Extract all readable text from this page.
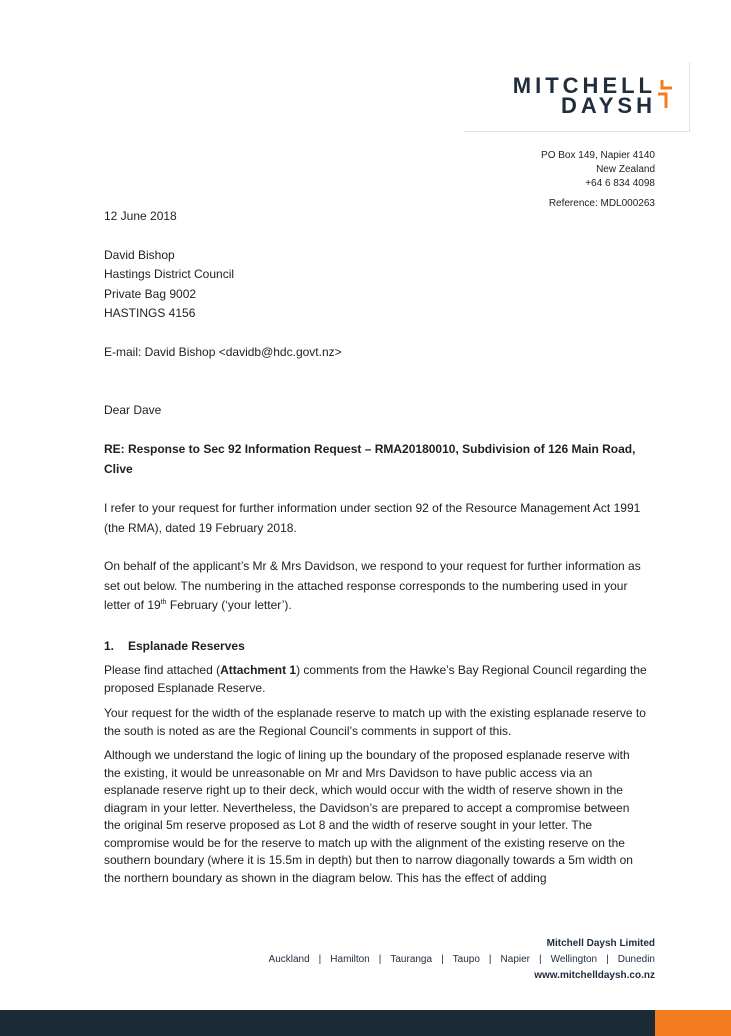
MITCHELL
DAYSH
PO Box 149, Napier 4140
New Zealand
+64 6 834 4098
Reference: MDL000263
12 June 2018
David Bishop
Hastings District Council
Private Bag 9002
HASTINGS 4156
E-mail: David Bishop <davidb@hdc.govt.nz>
Dear Dave
RE: Response to Sec 92 Information Request – RMA20180010, Subdivision of 126 Main Road,
Clive
I refer to your request for further information under section 92 of the Resource Management Act 1991 (the RMA), dated 19 February 2018.
On behalf of the applicant’s Mr & Mrs Davidson, we respond to your request for further information as set out below. The numbering in the attached response corresponds to the numbering used in your letter of 19th February (‘your letter’).
1. Esplanade Reserves
Please find attached (Attachment 1) comments from the Hawke’s Bay Regional Council regarding the proposed Esplanade Reserve.
Your request for the width of the esplanade reserve to match up with the existing esplanade reserve to the south is noted as are the Regional Council’s comments in support of this.
Although we understand the logic of lining up the boundary of the proposed esplanade reserve with the existing, it would be unreasonable on Mr and Mrs Davidson to have public access via an esplanade reserve right up to their deck, which would occur with the width of reserve shown in the diagram in your letter. Nevertheless, the Davidson’s are prepared to accept a compromise between the original 5m reserve proposed as Lot 8 and the width of reserve sought in your letter. The compromise would be for the reserve to match up with the alignment of the existing reserve on the southern boundary (where it is 15.5m in depth) but then to narrow diagonally towards a 5m width on the northern boundary as shown in the diagram below. This has the effect of adding
Mitchell Daysh Limited
Auckland | Hamilton | Tauranga | Taupo | Napier | Wellington | Dunedin
www.mitchelldaysh.co.nz
